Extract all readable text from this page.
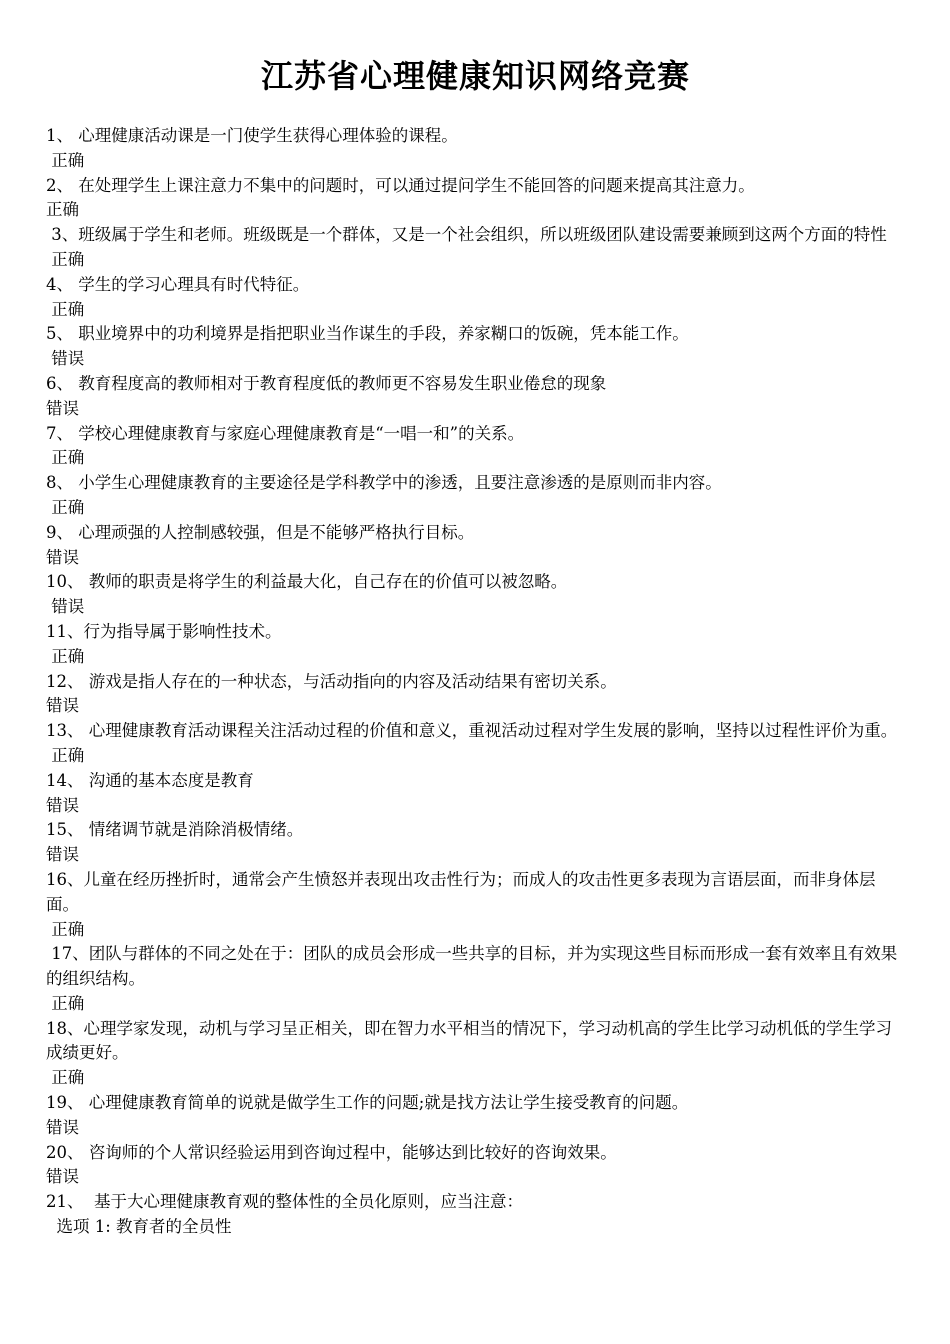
江苏省心理健康知识网络竞赛

1、 心理健康活动课是一门使学生获得心理体验的课程。

正确

2、 在处理学生上课注意力不集中的问题时，可以通过提问学生不能回答的问题来提高其注意力。

正确

3、班级属于学生和老师。班级既是一个群体，又是一个社会组织，所以班级团队建设需要兼顾到这两个方面的特性

正确

4、 学生的学习心理具有时代特征。

正确

5、 职业境界中的功利境界是指把职业当作谋生的手段，养家糊口的饭碗，凭本能工作。

错误

6、 教育程度高的教师相对于教育程度低的教师更不容易发生职业倦怠的现象

错误

7、 学校心理健康教育与家庭心理健康教育是“一唱一和”的关系。

正确

8、 小学生心理健康教育的主要途径是学科教学中的渗透，且要注意渗透的是原则而非内容。

正确

9、 心理顽强的人控制感较强，但是不能够严格执行目标。

错误

10、 教师的职责是将学生的利益最大化，自己存在的价值可以被忽略。

错误

11、行为指导属于影响性技术。

正确

12、 游戏是指人存在的一种状态，与活动指向的内容及活动结果有密切关系。

错误

13、 心理健康教育活动课程关注活动过程的价值和意义，重视活动过程对学生发展的影响，坚持以过程性评价为重。

正确

14、 沟通的基本态度是教育

错误

15、 情绪调节就是消除消极情绪。

错误

16、儿童在经历挫折时，通常会产生愤怒并表现出攻击性行为；而成人的攻击性更多表现为言语层面，而非身体层面。

正确

17、团队与群体的不同之处在于：团队的成员会形成一些共享的目标，并为实现这些目标而形成一套有效率且有效果的组织结构。

正确

18、心理学家发现，动机与学习呈正相关，即在智力水平相当的情况下，学习动机高的学生比学习动机低的学生学习成绩更好。

正确

19、 心理健康教育简单的说就是做学生工作的问题;就是找方法让学生接受教育的问题。

错误

20、 咨询师的个人常识经验运用到咨询过程中，能够达到比较好的咨询效果。

错误

21、  基于大心理健康教育观的整体性的全员化原则，应当注意：

选项 1: 教育者的全员性
